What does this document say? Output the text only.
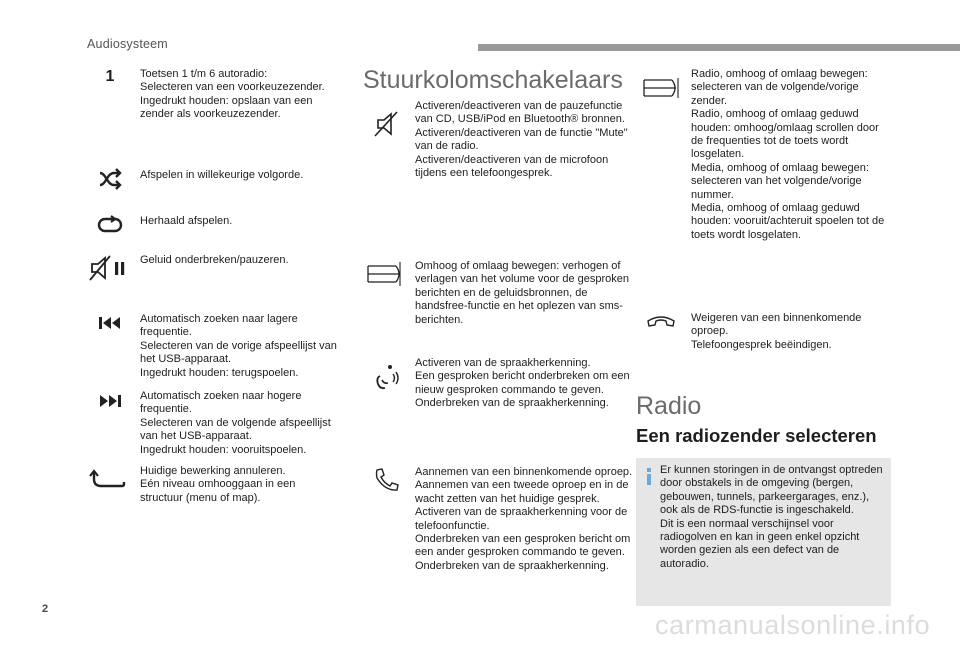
Audiosysteem
1	Toetsen 1 t/m 6 autoradio:
Selecteren van een voorkeuzezender.
Ingedrukt houden: opslaan van een zender als voorkeuzezender.
Afspelen in willekeurige volgorde.
Herhaald afspelen.
Geluid onderbreken/pauzeren.
Automatisch zoeken naar lagere frequentie.
Selecteren van de vorige afspeellijst van het USB-apparaat.
Ingedrukt houden: terugspoelen.
Automatisch zoeken naar hogere frequentie.
Selecteren van de volgende afspeellijst van het USB-apparaat.
Ingedrukt houden: vooruitspoelen.
Huidige bewerking annuleren.
Eén niveau omhooggaan in een structuur (menu of map).
Stuurkolomschakelaars
Activeren/deactiveren van de pauzefunctie van CD, USB/iPod en Bluetooth® bronnen.
Activeren/deactiveren van de functie "Mute" van de radio.
Activeren/deactiveren van de microfoon tijdens een telefoongesprek.
Omhoog of omlaag bewegen: verhogen of verlagen van het volume voor de gesproken berichten en de geluidsbronnen, de handsfree-functie en het oplezen van sms-berichten.
Activeren van de spraakherkenning.
Een gesproken bericht onderbreken om een nieuw gesproken commando te geven.
Onderbreken van de spraakherkenning.
Aannemen van een binnenkomende oproep.
Aannemen van een tweede oproep en in de wacht zetten van het huidige gesprek.
Activeren van de spraakherkenning voor de telefoonfunctie.
Onderbreken van een gesproken bericht om een ander gesproken commando te geven.
Onderbreken van de spraakherkenning.
Radio, omhoog of omlaag bewegen: selecteren van de volgende/vorige zender.
Radio, omhoog of omlaag geduwd houden: omhoog/omlaag scrollen door de frequenties tot de toets wordt losgelaten.
Media, omhoog of omlaag bewegen: selecteren van het volgende/vorige nummer.
Media, omhoog of omlaag geduwd houden: vooruit/achteruit spoelen tot de toets wordt losgelaten.
Weigeren van een binnenkomende oproep.
Telefoongesprek beëindigen.
Radio
Een radiozender selecteren
Er kunnen storingen in de ontvangst optreden door obstakels in de omgeving (bergen, gebouwen, tunnels, parkeergarages, enz.), ook als de RDS-functie is ingeschakeld.
Dit is een normaal verschijnsel voor radiogolven en kan in geen enkel opzicht worden gezien als een defect van de autoradio.
2
carmanualsonline.info
